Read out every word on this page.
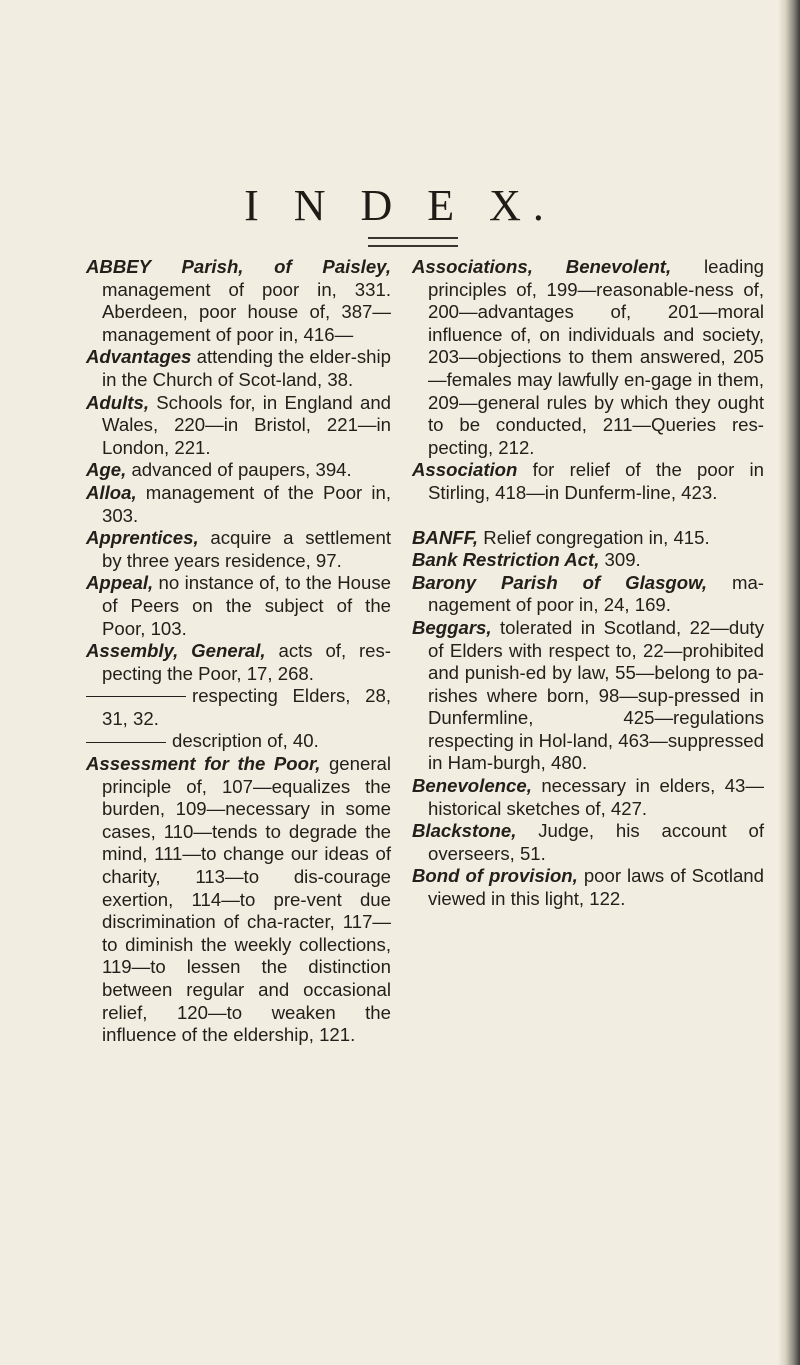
I N D E X.

ABBEY Parish, of Paisley, management of poor in, 331. Aberdeen, poor house of, 387— management of poor in, 416—

Advantages attending the elder-ship in the Church of Scot-land, 38.

Adults, Schools for, in England and Wales, 220—in Bristol, 221—in London, 221.

Age, advanced of paupers, 394.

Alloa, management of the Poor in, 303.

Apprentices, acquire a settlement by three years residence, 97.

Appeal, no instance of, to the House of Peers on the subject of the Poor, 103.

Assembly, General, acts of, res-pecting the Poor, 17, 268.

respecting Elders, 28, 31, 32.

description of, 40.

Assessment for the Poor, general principle of, 107—equalizes the burden, 109—necessary in some cases, 110—tends to degrade the mind, 111—to change our ideas of charity, 113—to dis-courage exertion, 114—to pre-vent due discrimination of cha-racter, 117—to diminish the weekly collections, 119—to lessen the distinction between regular and occasional relief, 120—to weaken the influence of the eldership, 121.

Associations, Benevolent, leading principles of, 199—reasonable-ness of, 200—advantages of, 201—moral influence of, on individuals and society, 203—objections to them answered, 205—females may lawfully en-gage in them, 209—general rules by which they ought to be conducted, 211—Queries res-pecting, 212.

Association for relief of the poor in Stirling, 418—in Dunferm-line, 423.

BANFF, Relief congregation in, 415.

Bank Restriction Act, 309.

Barony Parish of Glasgow, ma-nagement of poor in, 24, 169.

Beggars, tolerated in Scotland, 22—duty of Elders with respect to, 22—prohibited and punish-ed by law, 55—belong to pa-rishes where born, 98—sup-pressed in Dunfermline, 425—regulations respecting in Hol-land, 463—suppressed in Ham-burgh, 480.

Benevolence, necessary in elders, 43—historical sketches of, 427.

Blackstone, Judge, his account of overseers, 51.

Bond of provision, poor laws of Scotland viewed in this light, 122.
